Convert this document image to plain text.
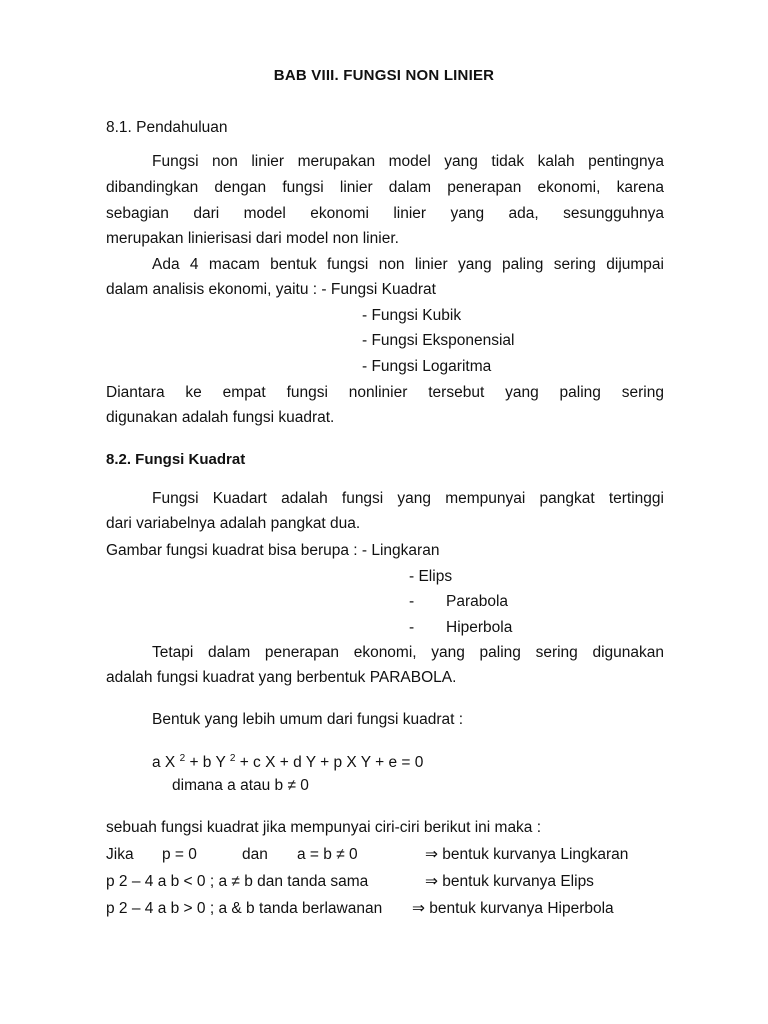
BAB VIII. FUNGSI NON LINIER
8.1. Pendahuluan
Fungsi non linier merupakan model yang tidak kalah pentingnya
dibandingkan dengan fungsi linier dalam penerapan ekonomi, karena
sebagian dari model ekonomi linier yang ada, sesungguhnya
merupakan linierisasi dari model non linier.
Ada 4 macam bentuk fungsi non linier yang paling sering dijumpai
dalam analisis ekonomi, yaitu : - Fungsi Kuadrat
- Fungsi Kubik
- Fungsi Eksponensial
- Fungsi Logaritma
Diantara ke empat fungsi nonlinier tersebut yang paling sering
digunakan adalah fungsi kuadrat.
8.2. Fungsi Kuadrat
Fungsi Kuadart adalah fungsi yang mempunyai pangkat tertinggi
dari variabelnya adalah pangkat dua.
Gambar fungsi kuadrat bisa berupa : - Lingkaran
- Elips
- Parabola
- Hiperbola
Tetapi dalam penerapan ekonomi, yang paling sering digunakan
adalah fungsi kuadrat yang berbentuk PARABOLA.
Bentuk yang lebih umum dari fungsi kuadrat :
a X $^2$ + b Y $^2$ + c X + d Y + p X Y + e = 0
dimana a atau b ≠ 0
sebuah fungsi kuadrat jika mempunyai ciri-ciri berikut ini maka :
Jika p = 0	dan a = b ≠ 0	⇒ bentuk kurvanya Lingkaran
p 2 – 4 a b < 0 ; a ≠ b dan tanda sama	⇒ bentuk kurvanya Elips
p 2 – 4 a b > 0 ; a & b tanda berlawanan ⇒ bentuk kurvanya Hiperbola
